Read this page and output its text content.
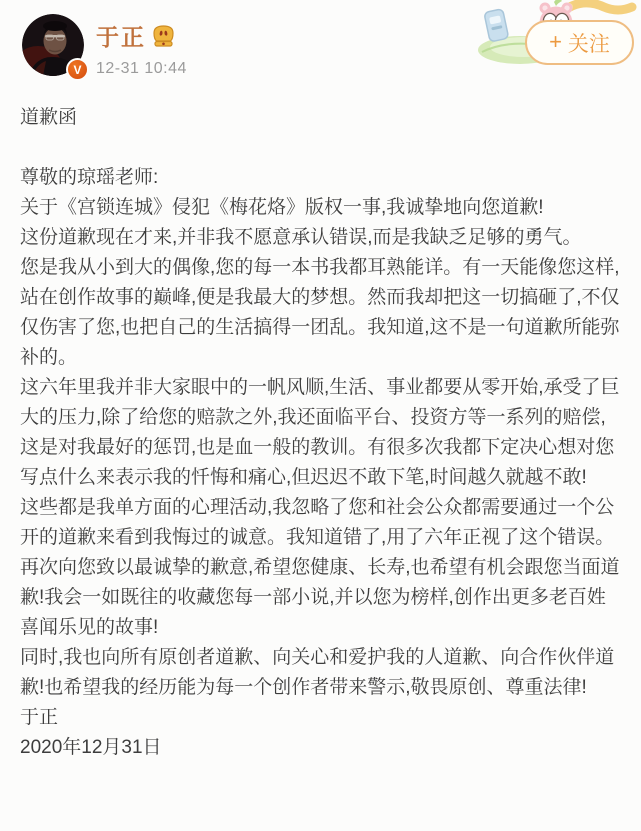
V
于正
12-31 10:44
+ 关注

道歉函

尊敬的琼瑶老师:

关于《宫锁连城》侵犯《梅花烙》版权一事,我诚挚地向您道歉!

这份道歉现在才来,并非我不愿意承认错误,而是我缺乏足够的勇气。

您是我从小到大的偶像,您的每一本书我都耳熟能详。有一天能像您这样,站在创作故事的巅峰,便是我最大的梦想。然而我却把这一切搞砸了,不仅仅伤害了您,也把自己的生活搞得一团乱。我知道,这不是一句道歉所能弥补的。

这六年里我并非大家眼中的一帆风顺,生活、事业都要从零开始,承受了巨大的压力,除了给您的赔款之外,我还面临平台、投资方等一系列的赔偿,这是对我最好的惩罚,也是血一般的教训。有很多次我都下定决心想对您写点什么来表示我的忏悔和痛心,但迟迟不敢下笔,时间越久就越不敢!

这些都是我单方面的心理活动,我忽略了您和社会公众都需要通过一个公开的道歉来看到我悔过的诚意。我知道错了,用了六年正视了这个错误。

再次向您致以最诚挚的歉意,希望您健康、长寿,也希望有机会跟您当面道歉!我会一如既往的收藏您每一部小说,并以您为榜样,创作出更多老百姓喜闻乐见的故事!

同时,我也向所有原创者道歉、向关心和爱护我的人道歉、向合作伙伴道歉!也希望我的经历能为每一个创作者带来警示,敬畏原创、尊重法律!

于正

2020年12月31日
